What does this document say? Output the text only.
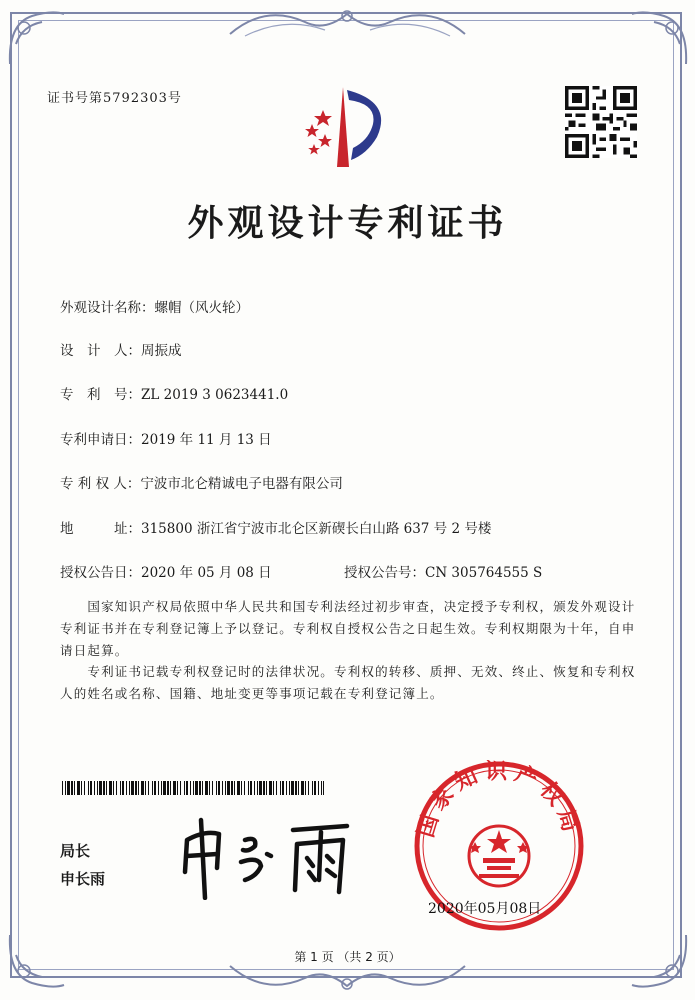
证书号第5792303号
外观设计专利证书
外观设计名称：螺帽（风火轮）
设　计　人：周振成
专　利　号：ZL 2019 3 0623441.0
专利申请日：2019 年 11 月 13 日
专 利 权 人：宁波市北仑精诚电子电器有限公司
地　　　址：315800 浙江省宁波市北仑区新碶长白山路 637 号 2 号楼
授权公告日：2020 年 05 月 08 日	授权公告号：CN 305764555 S
　　国家知识产权局依照中华人民共和国专利法经过初步审查，决定授予专利权，颁发外观设计专利证书并在专利登记簿上予以登记。专利权自授权公告之日起生效。专利权期限为十年，自申请日起算。
　　专利证书记载专利权登记时的法律状况。专利权的转移、质押、无效、终止、恢复和专利权人的姓名或名称、国籍、地址变更等事项记载在专利登记簿上。
局长
申长雨
国家知识产权局
2020年05月08日
第 1 页 （共 2 页）
